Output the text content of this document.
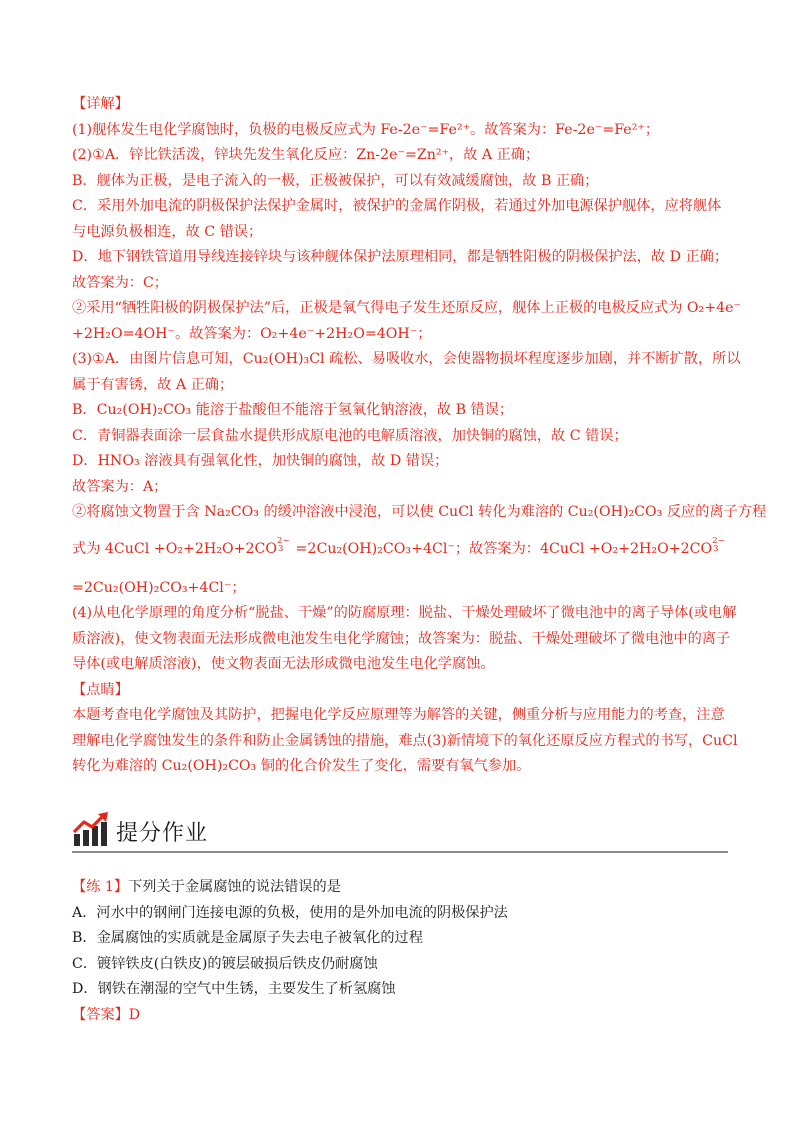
【详解】
(1)舰体发生电化学腐蚀时，负极的电极反应式为 Fe-2e⁻=Fe²⁺。故答案为：Fe-2e⁻=Fe²⁺；
(2)①A．锌比铁活泼，锌块先发生氧化反应：Zn-2e⁻=Zn²⁺，故 A 正确；
B．舰体为正极，是电子流入的一极，正极被保护，可以有效减缓腐蚀，故 B 正确；
C．采用外加电流的阴极保护法保护金属时，被保护的金属作阴极，若通过外加电源保护舰体，应将舰体
与电源负极相连，故 C 错误；
D．地下钢铁管道用导线连接锌块与该种舰体保护法原理相同，都是牺牲阳极的阴极保护法，故 D 正确；
故答案为：C；
②采用“牺牲阳极的阴极保护法”后，正极是氧气得电子发生还原反应，舰体上正极的电极反应式为 O₂+4e⁻
+2H₂O=4OH⁻。故答案为：O₂+4e⁻+2H₂O=4OH⁻；
(3)①A．由图片信息可知，Cu₂(OH)₃Cl 疏松、易吸收水，会使器物损坏程度逐步加剧，并不断扩散，所以
属于有害锈，故 A 正确；
B．Cu₂(OH)₂CO₃ 能溶于盐酸但不能溶于氢氧化钠溶液，故 B 错误；
C．青铜器表面涂一层食盐水提供形成原电池的电解质溶液，加快铜的腐蚀，故 C 错误；
D．HNO₃ 溶液具有强氧化性，加快铜的腐蚀，故 D 错误；
故答案为：A；
②将腐蚀文物置于含 Na₂CO₃ 的缓冲溶液中浸泡，可以使 CuCl 转化为难溶的 Cu₂(OH)₂CO₃ 反应的离子方程
式为 4CuCl +O₂+2H₂O+2CO 2−
3 =2Cu₂(OH)₂CO₃+4Cl⁻；故答案为：4CuCl +O₂+2H₂O+2CO 2−
3
=2Cu₂(OH)₂CO₃+4Cl⁻；
(4)从电化学原理的角度分析“脱盐、干燥”的防腐原理：脱盐、干燥处理破坏了微电池中的离子导体(或电解
质溶液)，使文物表面无法形成微电池发生电化学腐蚀；故答案为：脱盐、干燥处理破坏了微电池中的离子
导体(或电解质溶液)，使文物表面无法形成微电池发生电化学腐蚀。
【点睛】
本题考查电化学腐蚀及其防护，把握电化学反应原理等为解答的关键，侧重分析与应用能力的考查，注意
理解电化学腐蚀发生的条件和防止金属锈蚀的措施，难点(3)新情境下的氧化还原反应方程式的书写，CuCl
转化为难溶的 Cu₂(OH)₂CO₃ 铜的化合价发生了变化，需要有氧气参加。
提分作业
【练 1】下列关于金属腐蚀的说法错误的是
A．河水中的钢闸门连接电源的负极，使用的是外加电流的阴极保护法
B．金属腐蚀的实质就是金属原子失去电子被氧化的过程
C．镀锌铁皮(白铁皮)的镀层破损后铁皮仍耐腐蚀
D．钢铁在潮湿的空气中生锈，主要发生了析氢腐蚀
【答案】D
